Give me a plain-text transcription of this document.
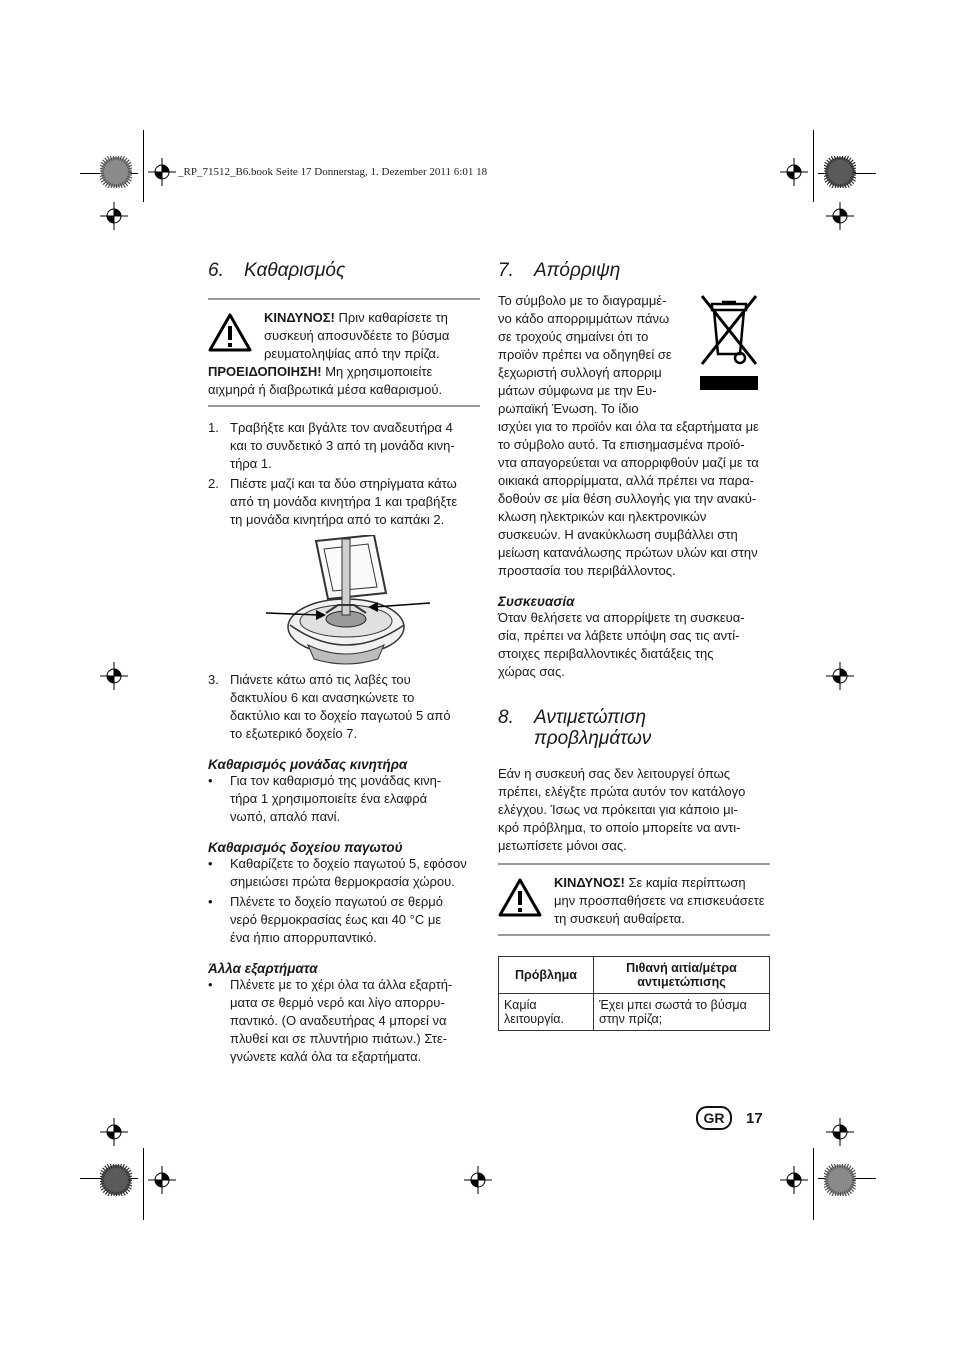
_RP_71512_B6.book Seite 17 Donnerstag, 1. Dezember 2011 6:01 18
6. Καθαρισμός

ΚΙΝΔΥΝΟΣ! Πριν καθαρίσετε τη συσκευή αποσυνδέετε το βύσμα ρευματοληψίας από την πρίζα.

ΠΡΟΕΙΔΟΠΟΙΗΣΗ! Μη χρησιμοποιείτε αιχμηρά ή διαβρωτικά μέσα καθαρισμού.

1. Τραβήξτε και βγάλτε τον αναδευτήρα 4
και το συνδετικό 3 από τη μονάδα κινη-
τήρα 1.
2. Πιέστε μαζί και τα δύο στηρίγματα κάτω
από τη μονάδα κινητήρα 1 και τραβήξτε
τη μονάδα κινητήρα από το καπάκι 2.
3. Πιάνετε κάτω από τις λαβές του
δακτυλίου 6 και ανασηκώνετε το
δακτύλιο και το δοχείο παγωτού 5 από
το εξωτερικό δοχείο 7.

Καθαρισμός μονάδας κινητήρα

• Για τον καθαρισμό της μονάδας κινη-
τήρα 1 χρησιμοποιείτε ένα ελαφρά
νωπό, απαλό πανί.

Καθαρισμός δοχείου παγωτού

• Καθαρίζετε το δοχείο παγωτού 5, εφόσον
σημειώσει πρώτα θερμοκρασία χώρου.
• Πλένετε το δοχείο παγωτού σε θερμό
νερό θερμοκρασίας έως και 40 °C με
ένα ήπιο απορρυπαντικό.

Άλλα εξαρτήματα

• Πλένετε με το χέρι όλα τα άλλα εξαρτή-
ματα σε θερμό νερό και λίγο απορρυ-
παντικό. (Ο αναδευτήρας 4 μπορεί να
πλυθεί και σε πλυντήριο πιάτων.) Στε-
γνώνετε καλά όλα τα εξαρτήματα.
7. Απόρριψη

Το σύμβολο με το διαγραμμέ-
νο κάδο απορριμμάτων πάνω
σε τροχούς σημαίνει ότι το
προϊόν πρέπει να οδηγηθεί σε
ξεχωριστή συλλογή απορριμ
μάτων σύμφωνα με την Ευ-
ρωπαϊκή Ένωση. Το ίδιο

ισχύει για το προϊόν και όλα τα εξαρτήματα με
το σύμβολο αυτό. Τα επισημασμένα προϊό-
ντα απαγορεύεται να απορριφθούν μαζί με τα
οικιακά απορρίμματα, αλλά πρέπει να παρα-
δοθούν σε μία θέση συλλογής για την ανακύ-
κλωση ηλεκτρικών και ηλεκτρονικών
συσκευών. Η ανακύκλωση συμβάλλει στη
μείωση κατανάλωσης πρώτων υλών και στην
προστασία του περιβάλλοντος.

Συσκευασία

Όταν θελήσετε να απορρίψετε τη συσκευα-
σία, πρέπει να λάβετε υπόψη σας τις αντί-
στοιχες περιβαλλοντικές διατάξεις της
χώρας σας.

8. Αντιμετώπιση
προβλημάτων

Εάν η συσκευή σας δεν λειτουργεί όπως
πρέπει, ελέγξτε πρώτα αυτόν τον κατάλογο
ελέγχου. Ίσως να πρόκειται για κάποιο μι-
κρό πρόβλημα, το οποίο μπορείτε να αντι-
μετωπίσετε μόνοι σας.

ΚΙΝΔΥΝΟΣ! Σε καμία περίπτωση μην προσπαθήσετε να επισκευάσετε τη συσκευή αυθαίρετα.

Πρόβλημα	Πιθανή αιτία/μέτρα αντιμετώπισης
Καμία λειτουργία.	Έχει μπει σωστά το βύσμα στην πρίζα;
GR	17
